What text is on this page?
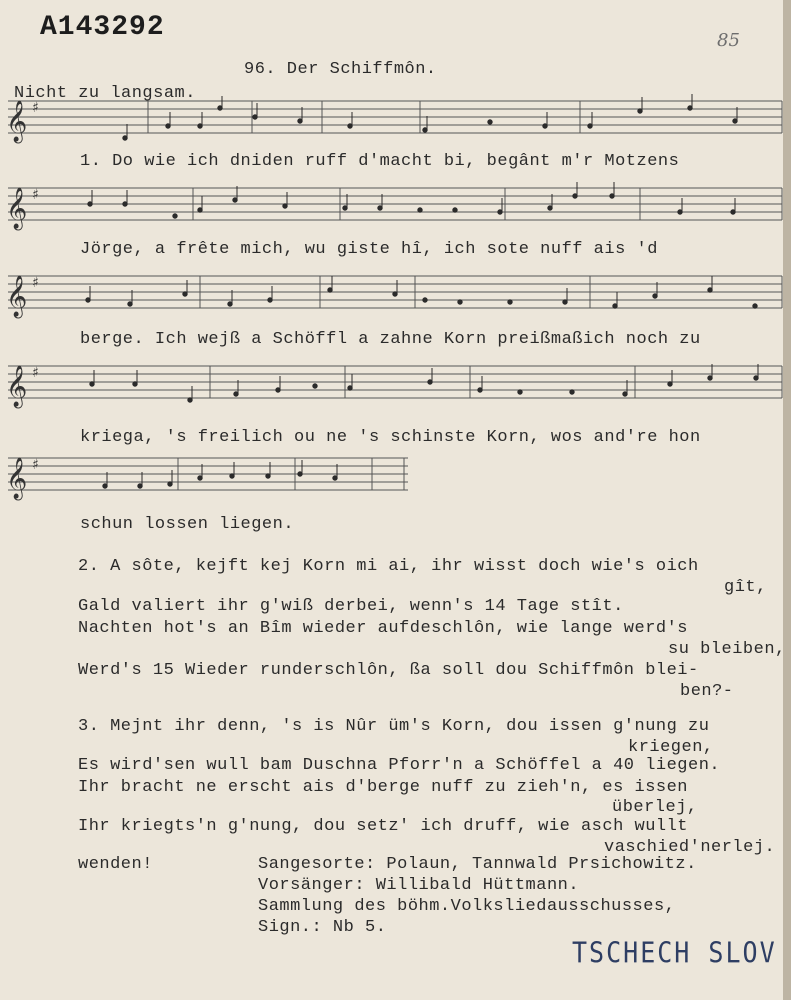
A143292	85
96. Der Schiffmôn.
Nicht zu langsam.
𝄞
𝄞
𝄞
𝄞
𝄞
♯
♯
♯
♯
♯
1. Do wie ich dniden ruff d'macht bi, begânt m'r Motzens
Jörge, a frête mich, wu giste hî, ich sote nuff ais 'd
berge. Ich wejß a Schöffl a zahne Korn preißmaßich noch zu
kriega, 's freilich ou ne 's schinste Korn, wos and're hon
schun lossen liegen.
2. A sôte, kejft kej Korn mi ai, ihr wisst doch wie's oich
gît,
Gald valiert ihr g'wiß derbei, wenn's 14 Tage stît.
Nachten hot's an Bîm wieder aufdeschlôn, wie lange werd's
su bleiben,
Werd's 15 Wieder runderschlôn, ßa soll dou Schiffmôn blei-
ben?-
3. Mejnt ihr denn, 's is Nûr üm's Korn, dou issen g'nung zu
kriegen,
Es wird'sen wull bam Duschna Pforr'n a Schöffel a 40 liegen.
Ihr bracht ne erscht ais d'berge nuff zu zieh'n, es issen
überlej,
Ihr kriegts'n g'nung, dou setz' ich druff, wie asch wullt
vaschied'nerlej.
wenden!	Sangesorte: Polaun, Tannwald Prsichowitz.
Vorsänger: Willibald Hüttmann.
Sammlung des böhm.Volksliedausschusses,
Sign.: Nb 5.
TSCHECH SLOV
